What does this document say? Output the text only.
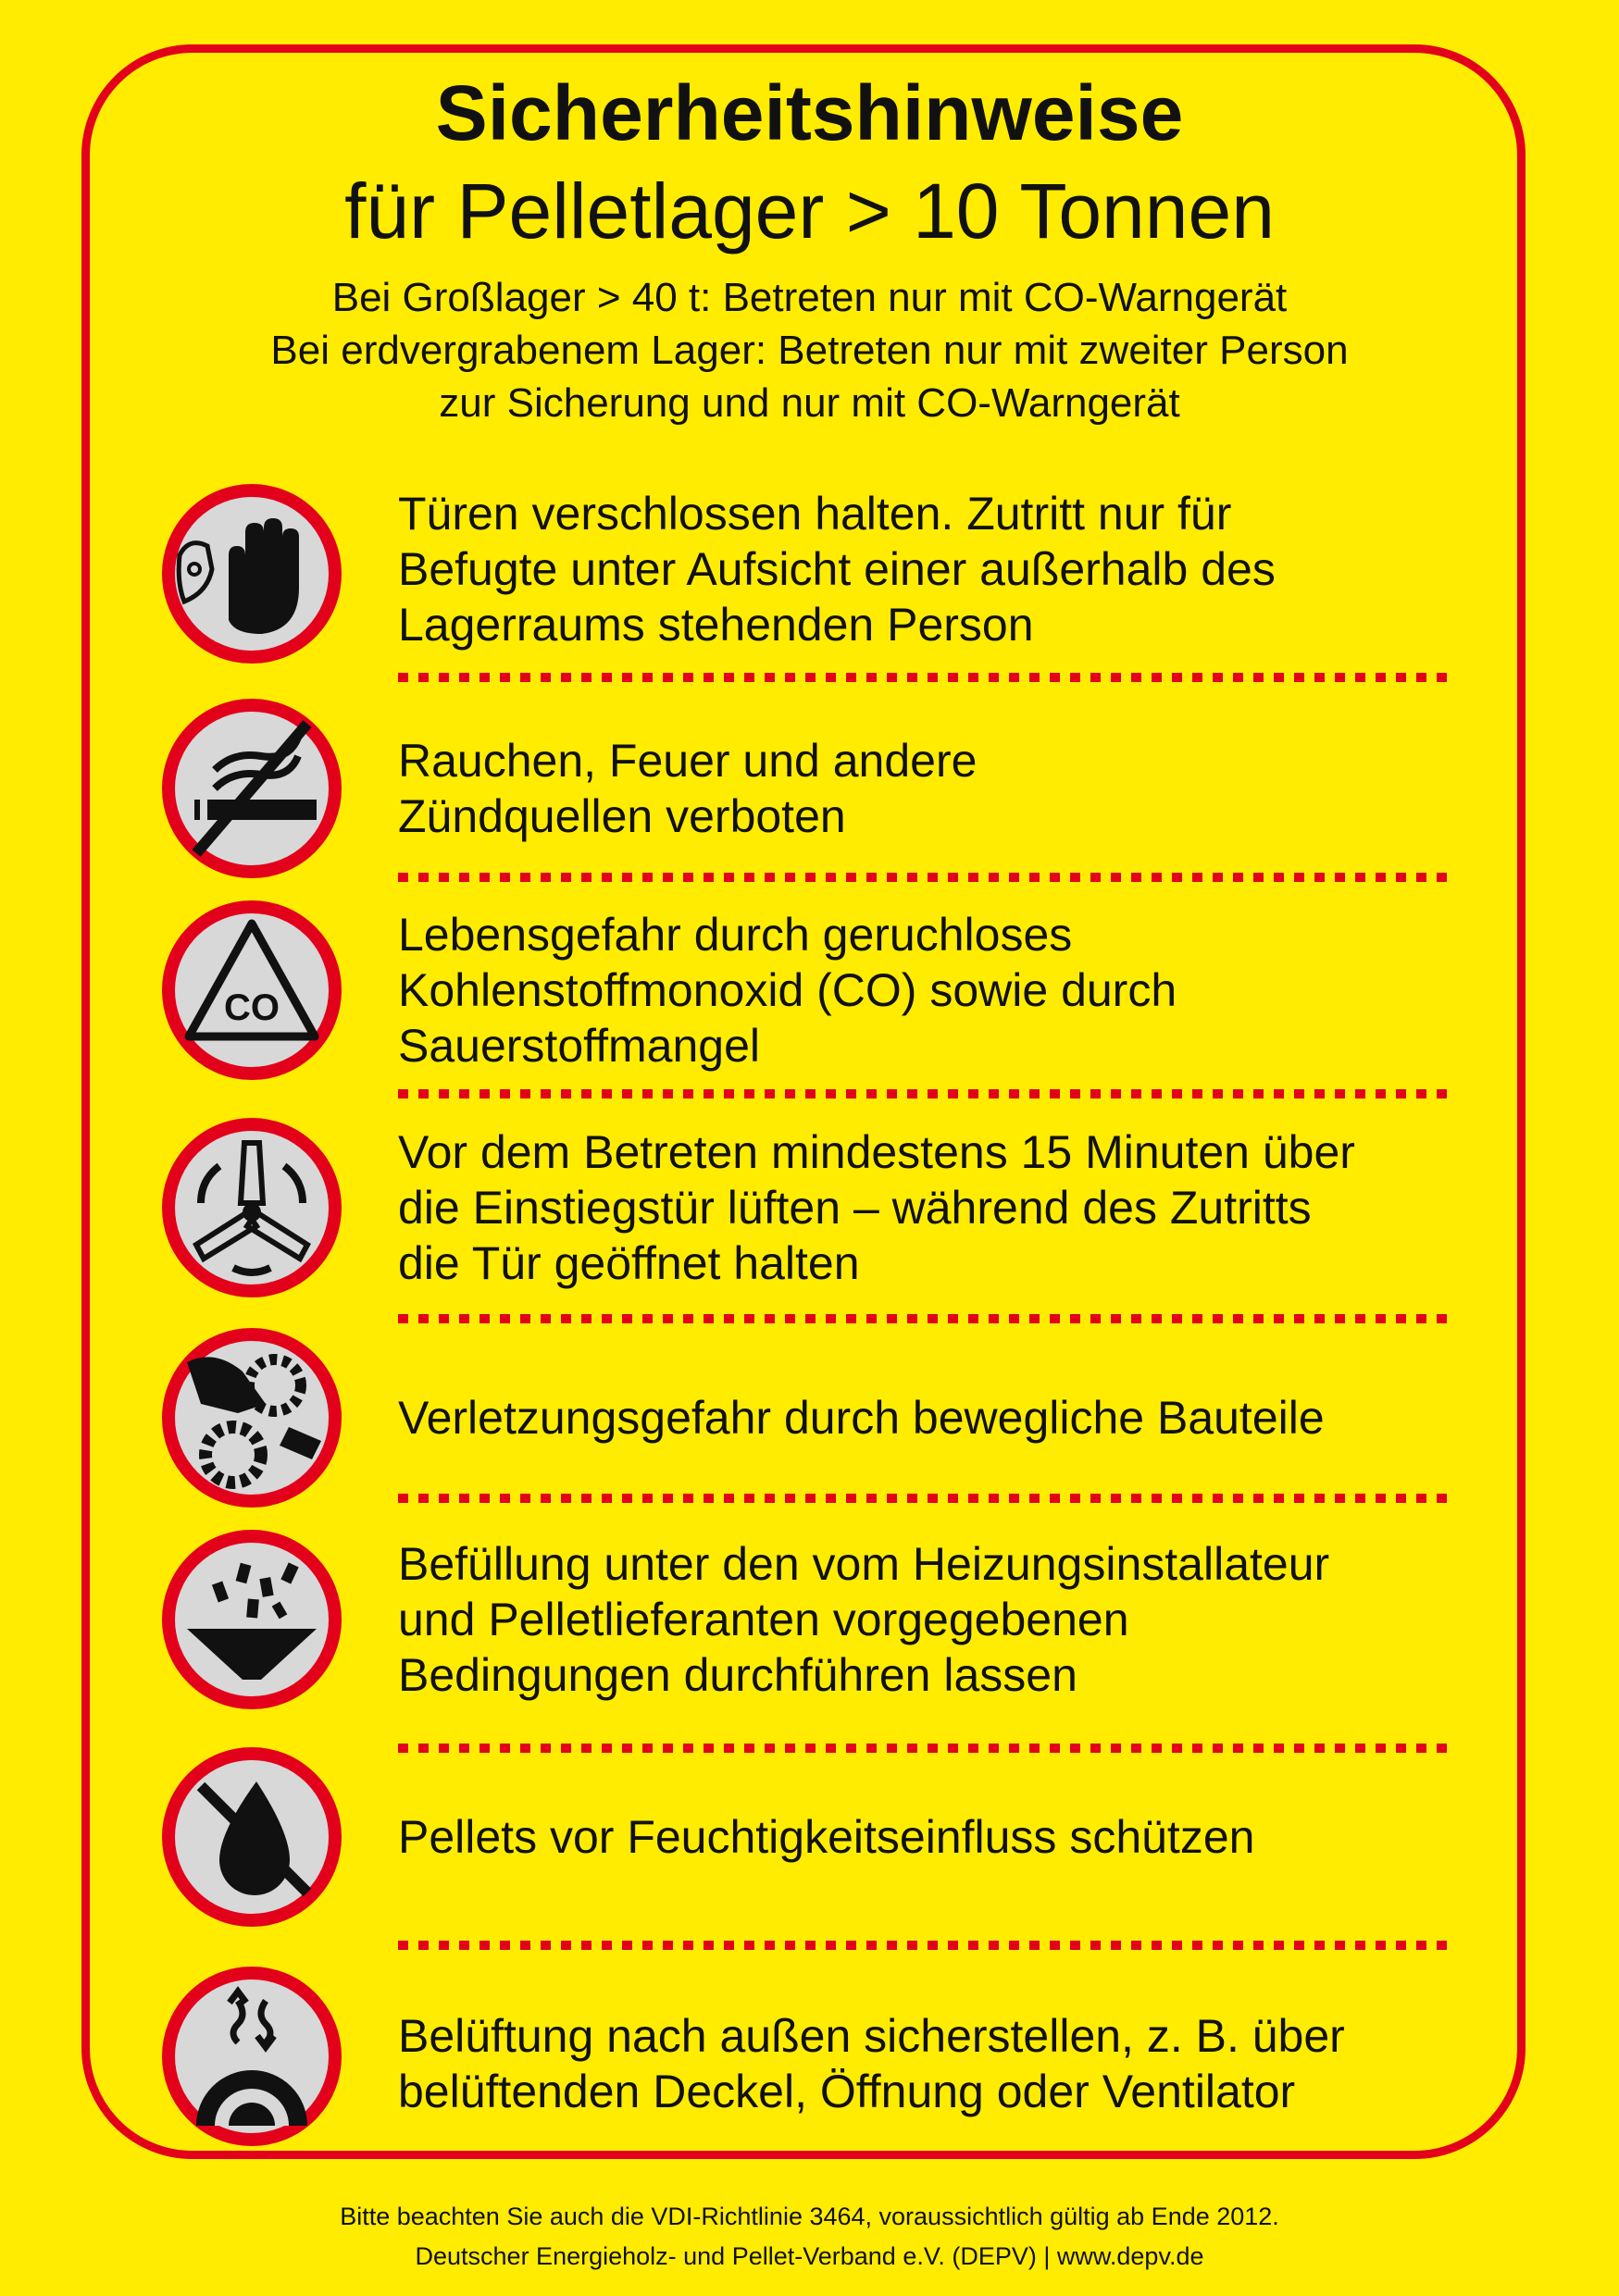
Sicherheitshinweise
für Pelletlager > 10 Tonnen
Bei Großlager > 40 t: Betreten nur mit CO-Warngerät
Bei erdvergrabenem Lager: Betreten nur mit zweiter Person
zur Sicherung und nur mit CO-Warngerät
Türen verschlossen halten. Zutritt nur für
Befugte unter Aufsicht einer außerhalb des
Lagerraums stehenden Person
Rauchen, Feuer und andere
Zündquellen verboten
CO
Lebensgefahr durch geruchloses
Kohlenstoffmonoxid (CO) sowie durch
Sauerstoffmangel
Vor dem Betreten mindestens 15 Minuten über
die Einstiegstür lüften – während des Zutritts
die Tür geöffnet halten
Verletzungsgefahr durch bewegliche Bauteile
Befüllung unter den vom Heizungsinstallateur
und Pelletlieferanten vorgegebenen
Bedingungen durchführen lassen
Pellets vor Feuchtigkeitseinfluss schützen
Belüftung nach außen sicherstellen, z. B. über
belüftenden Deckel, Öffnung oder Ventilator
Bitte beachten Sie auch die VDI-Richtlinie 3464, voraussichtlich gültig ab Ende 2012.
Deutscher Energieholz- und Pellet-Verband e.V. (DEPV) | www.depv.de
